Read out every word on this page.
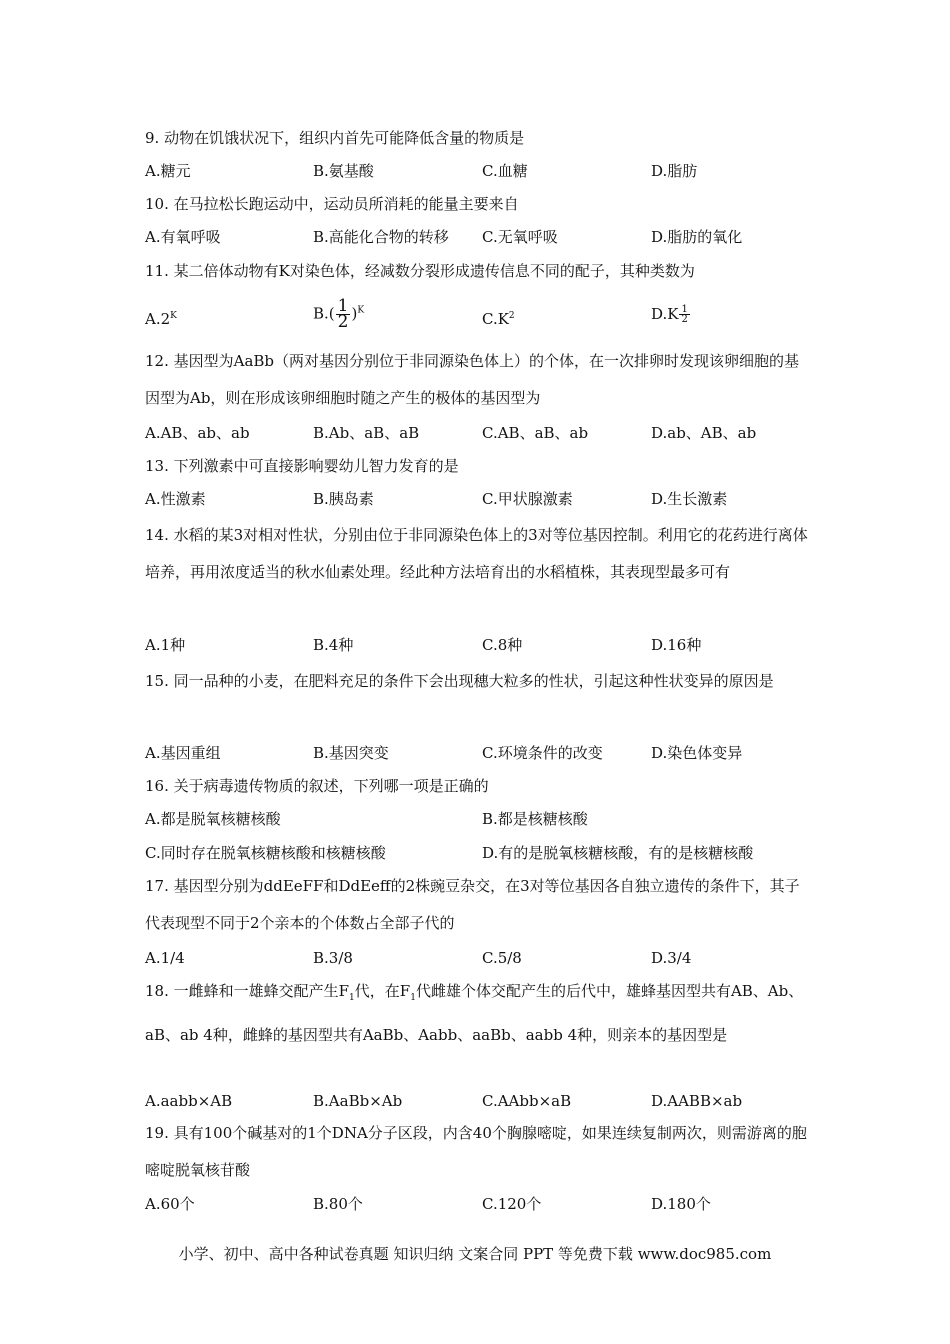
9. 动物在饥饿状况下，组织内首先可能降低含量的物质是
A.糖元	B.氨基酸	C.血糖	D.脂肪
10. 在马拉松长跑运动中，运动员所消耗的能量主要来自
A.有氧呼吸	B.高能化合物的转移 C.无氧呼吸	D.脂肪的氧化
11. 某二倍体动物有K对染色体，经减数分裂形成遗传信息不同的配子，其种类数为
$A.2^K$	$B.( \frac{1}{2} )^K$	$C.K^2$	$D.K \frac{1}{2}$
12. 基因型为AaBb（两对基因分别位于非同源染色体上）的个体，在一次排卵时发现该卵细胞的基因型为Ab，则在形成该卵细胞时随之产生的极体的基因型为
A.AB、ab、ab	B.Ab、aB、aB	C.AB、aB、ab	D.ab、AB、ab
13. 下列激素中可直接影响婴幼儿智力发育的是
A.性激素	B.胰岛素	C.甲状腺激素	D.生长激素
14. 水稻的某3对相对性状，分别由位于非同源染色体上的3对等位基因控制。利用它的花药进行离体培养，再用浓度适当的秋水仙素处理。经此种方法培育出的水稻植株，其表现型最多可有
A.1种	B.4种	C.8种	D.16种
15. 同一品种的小麦，在肥料充足的条件下会出现穗大粒多的性状，引起这种性状变异的原因是
A.基因重组	B.基因突变	C.环境条件的改变	D.染色体变异
16. 关于病毒遗传物质的叙述，下列哪一项是正确的
A.都是脱氧核糖核酸	B.都是核糖核酸
C.同时存在脱氧核糖核酸和核糖核酸	D.有的是脱氧核糖核酸，有的是核糖核酸
17. 基因型分别为ddEeFF和DdEeff的2株豌豆杂交，在3对等位基因各自独立遗传的条件下，其子代表现型不同于2个亲本的个体数占全部子代的
A.1/4	B.3/8	C.5/8	D.3/4
18. 一雌蜂和一雄蜂交配产生$F_1$代，在$F_1$代雌雄个体交配产生的后代中，雄蜂基因型共有AB、Ab、aB、ab 4种，雌蜂的基因型共有AaBb、Aabb、aaBb、aabb 4种，则亲本的基因型是
A.aabb×AB	B.AaBb×Ab	C.AAbb×aB	D.AABB×ab
19. 具有100个碱基对的1个DNA分子区段，内含40个胸腺嘧啶，如果连续复制两次，则需游离的胞嘧啶脱氧核苷酸
A.60个	B.80个	C.120个	D.180个
小学、初中、高中各种试卷真题 知识归纳 文案合同 PPT 等免费下载 www.doc985.com
